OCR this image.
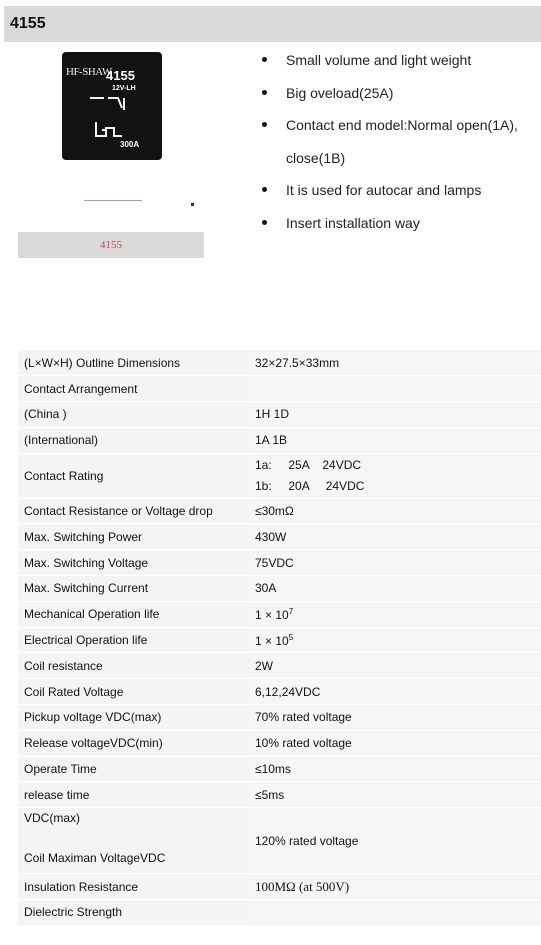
4155
HF-SHAW
4155
12V-LH
300A
4155
Small volume and light weight
Big oveload(25A)
Contact end model:Normal open(1A),
close(1B)
It is used for autocar and lamps
Insert installation way
(L×W×H) Outline Dimensions	32×27.5×33mm
Contact Arrangement	
(China )	1H 1D
(International)	1A 1B
Contact Rating	1a:     25A    24VDC
1b:     20A     24VDC

Contact Resistance or Voltage drop	≤30mΩ
Max. Switching Power	430W
Max. Switching Voltage	75VDC
Max. Switching Current	30A
Mechanical Operation life	$1 \times 10^7$
Electrical Operation life	$1 \times 10^5$
Coil resistance	2W
Coil Rated Voltage	6,12,24VDC
Pickup voltage VDC(max)	70% rated voltage
Release voltageVDC(min)	10% rated voltage
Operate Time	≤10ms
release time	≤5ms

VDC(max)
Coil Maximan VoltageVDC	120% rated voltage
Insulation Resistance	100MΩ (at 500V)
Dielectric Strength	
